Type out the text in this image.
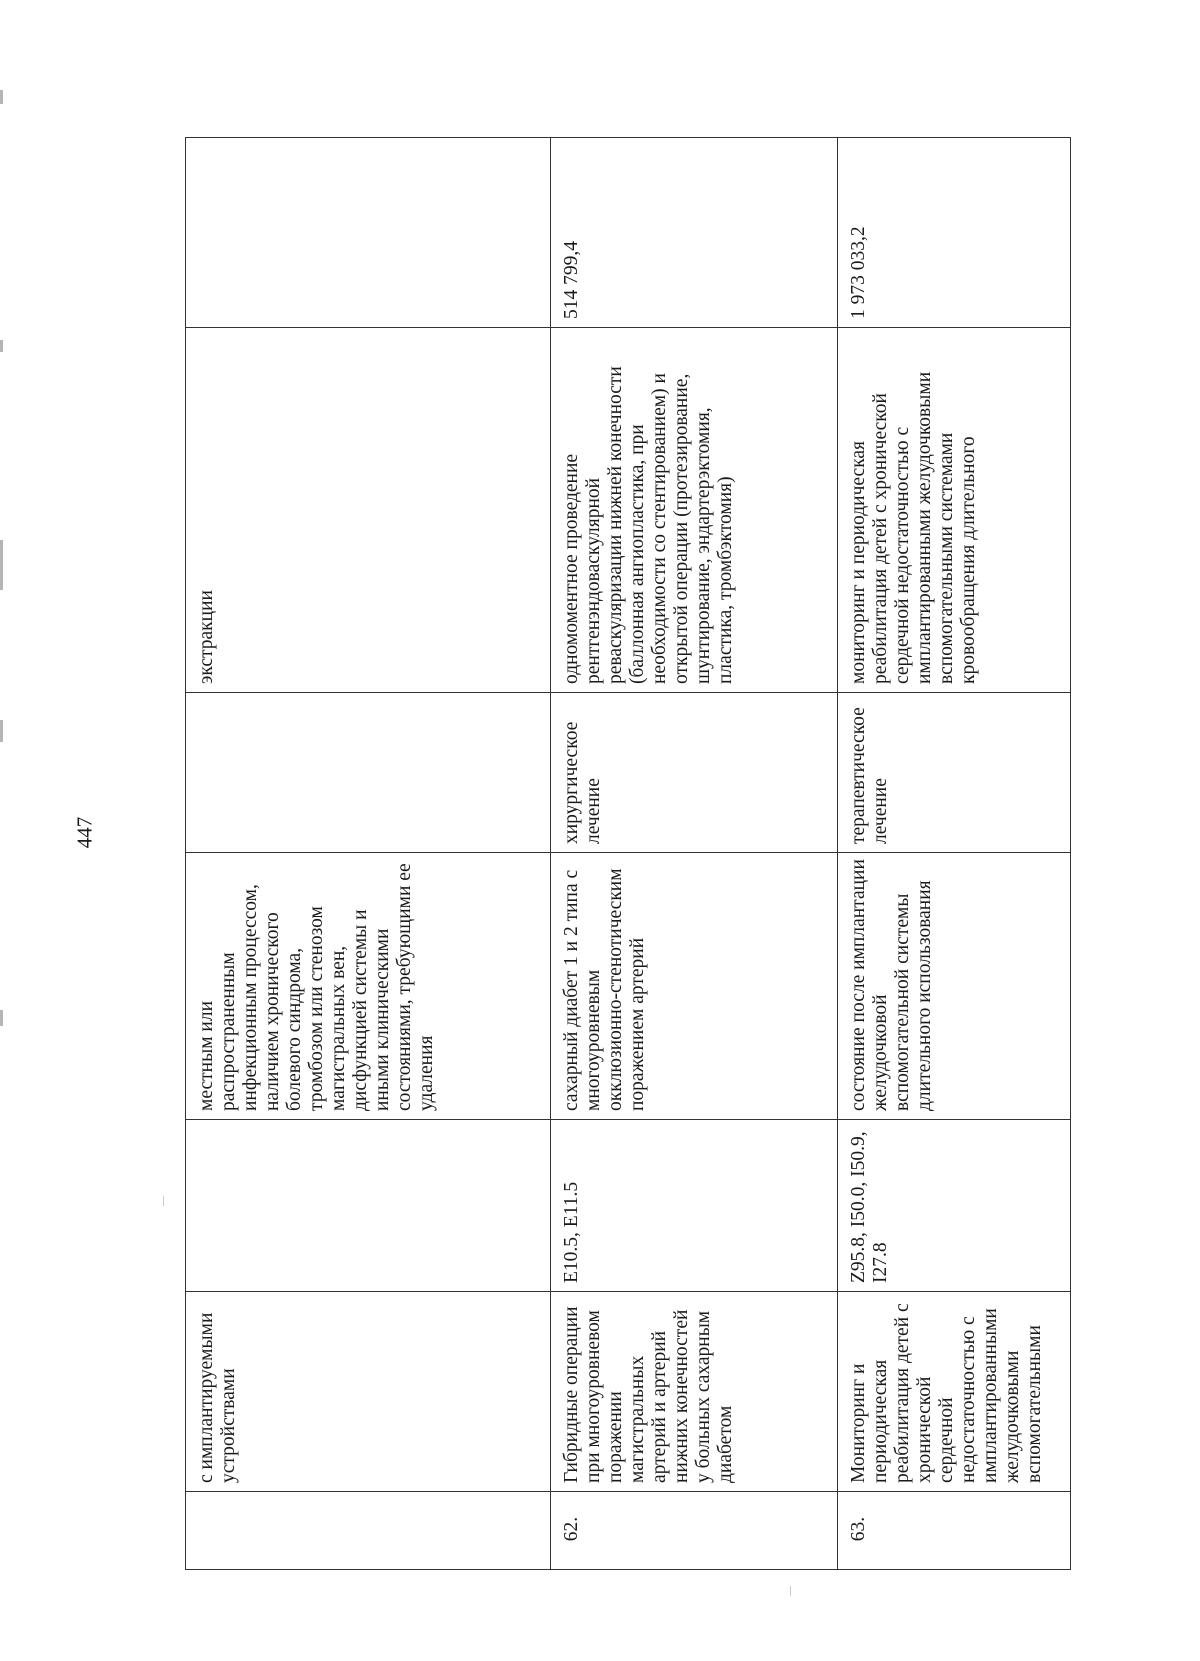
447
	с имплантируемыми устройствами		местным или распространенным инфекционным процессом, наличием хронического болевого синдрома, тромбозом или стенозом магистральных вен, дисфункцией системы и иными клиническими состояниями, требующими ее удаления		экстракции	
62.	Гибридные операции при многоуровневом поражении магистральных артерий и артерий нижних конечностей у больных сахарным диабетом	E10.5, E11.5	сахарный диабет 1 и 2 типа с многоуровневым окклюзионно-стенотическим поражением артерий	хирургическое лечение	одномоментное проведение рентгенэндоваскулярной реваскуляризации нижней конечности (баллонная ангиопластика, при необходимости со стентированием) и открытой операции (протезирование, шунтирование, эндартерэктомия, пластика, тромбэктомия)	514 799,4
63.	Мониторинг и периодическая реабилитация детей с хронической сердечной недостаточностью с имплантированными желудочковыми вспомогательными	Z95.8, I50.0, I50.9, I27.8	состояние после имплантации желудочковой вспомогательной системы длительного использования	терапевтическое лечение	мониторинг и периодическая реабилитация детей с хронической сердечной недостаточностью с имплантированными желудочковыми вспомогательными системами кровообращения длительного	1 973 033,2
